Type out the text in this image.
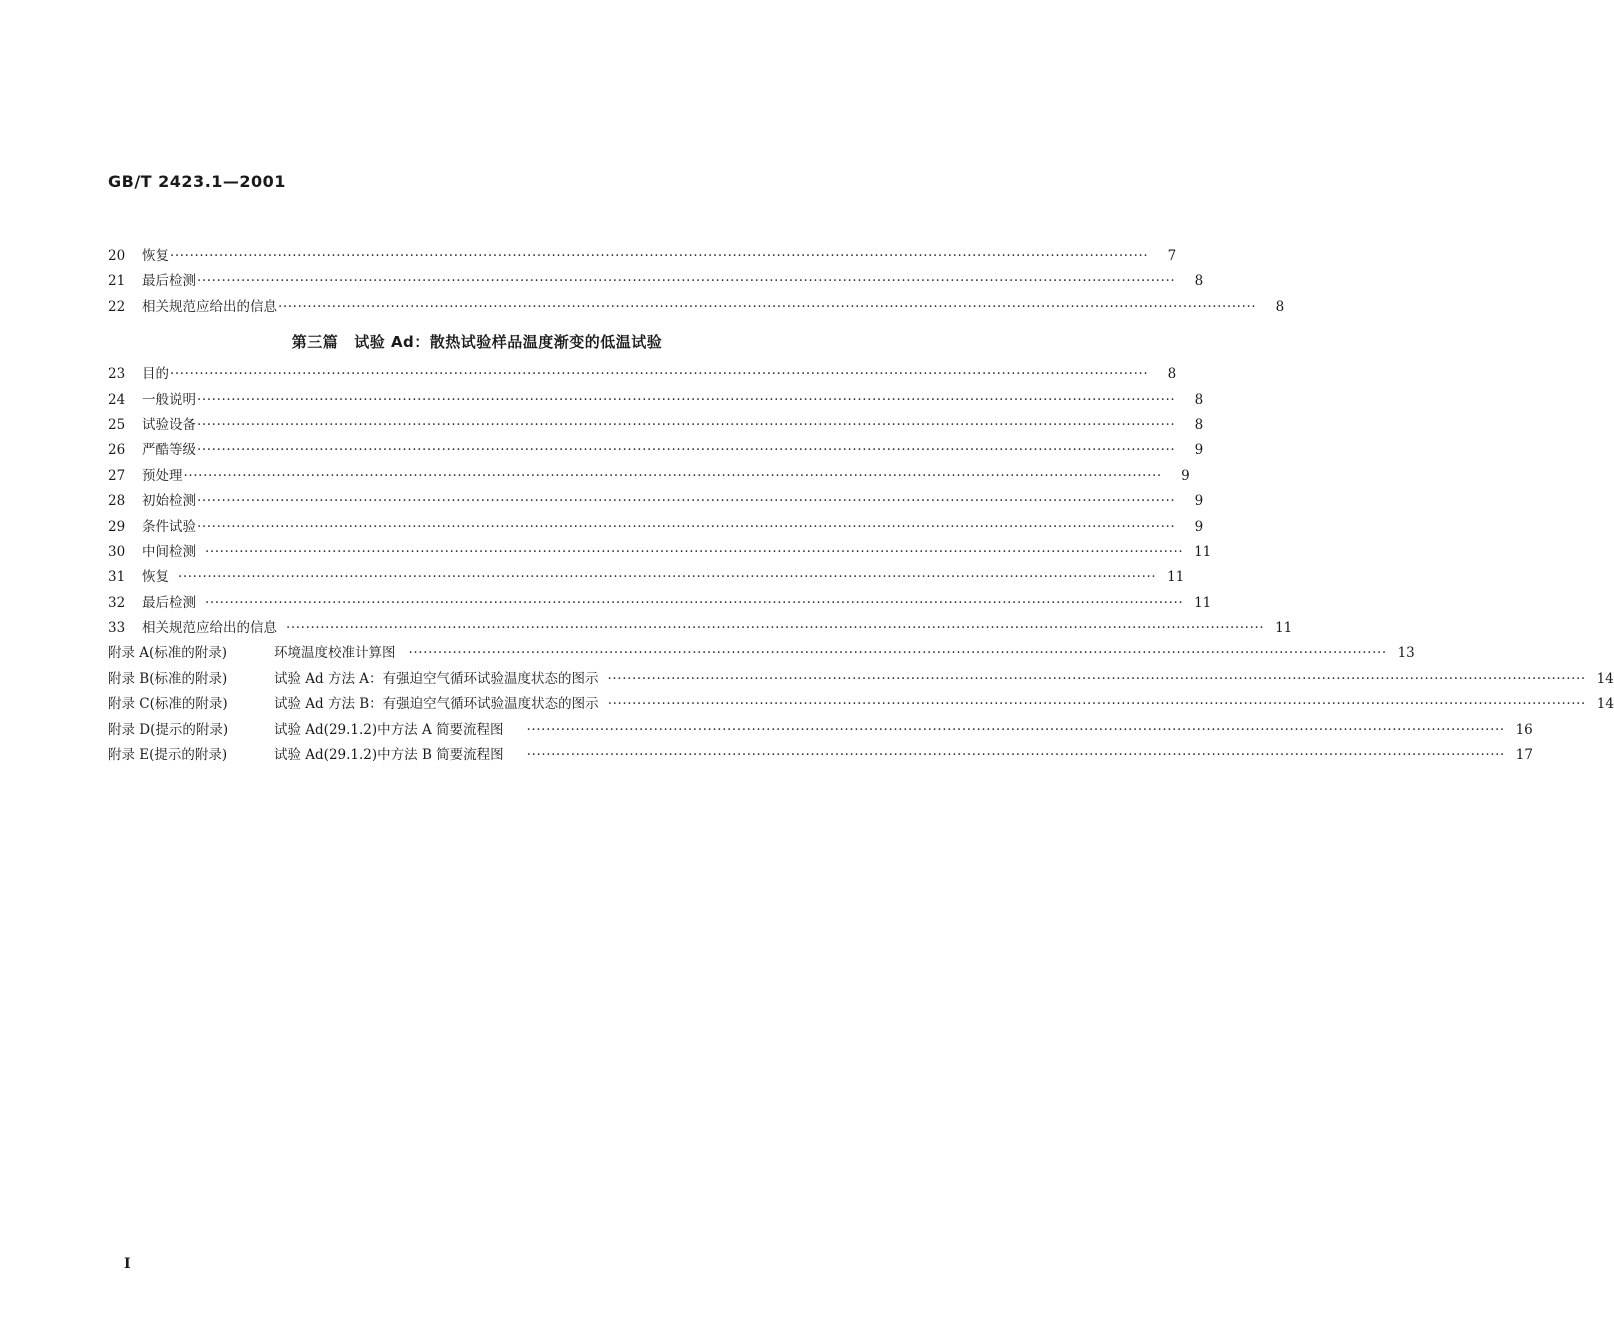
GB/T 2423.1—2001
20	恢复 ········································································································································································································	7
21	最后检测 ········································································································································································································	8
22	相关规范应给出的信息 ········································································································································································································	8
第三篇 试验 Ad：散热试验样品温度渐变的低温试验
23	目的 ········································································································································································································	8
24	一般说明 ········································································································································································································	8
25	试验设备 ········································································································································································································	8
26	严酷等级 ········································································································································································································	9
27	预处理 ········································································································································································································	9
28	初始检测 ········································································································································································································	9
29	条件试验 ········································································································································································································	9
30	中间检测 ········································································································································································································ 11
31	恢复 ········································································································································································································ 11
32	最后检测 ········································································································································································································ 11
33	相关规范应给出的信息 ········································································································································································································ 11
附录 A(标准的附录)	环境温度校准计算图 ········································································································································································································ 13
附录 B(标准的附录)	试验 Ad 方法 A：有强迫空气循环试验温度状态的图示 ········································································································································································································ 14
附录 C(标准的附录)	试验 Ad 方法 B：有强迫空气循环试验温度状态的图示 ········································································································································································································ 14
附录 D(提示的附录)	试验 Ad(29.1.2)中方法 A 简要流程图 ········································································································································································································ 16
附录 E(提示的附录)	试验 Ad(29.1.2)中方法 B 简要流程图 ········································································································································································································ 17
I
